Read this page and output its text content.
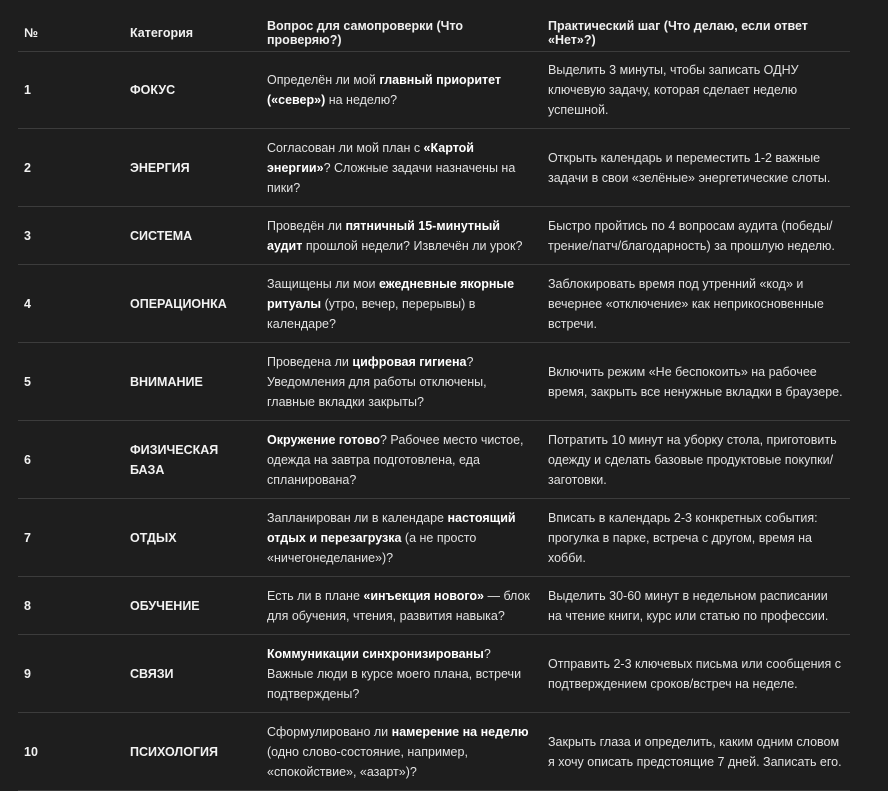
№	Категория	Вопрос для самопроверки (Что проверяю?)	Практический шаг (Что делаю, если ответ «Нет»?)
1	ФОКУС	Определён ли мой главный приоритет («север») на неделю?	Выделить 3 минуты, чтобы записать ОДНУ ключевую задачу, которая сделает неделю успешной.
2	ЭНЕРГИЯ	Согласован ли мой план с «Картой энергии»? Сложные задачи назначены на пики?	Открыть календарь и переместить 1-2 важные задачи в свои «зелёные» энергетические слоты.
3	СИСТЕМА	Проведён ли пятничный 15-минутный аудит прошлой недели? Извлечён ли урок?	Быстро пройтись по 4 вопросам аудита (победы/трение/патч/благодарность) за прошлую неделю.
4	ОПЕРАЦИОНКА	Защищены ли мои ежедневные якорные ритуалы (утро, вечер, перерывы) в календаре?	Заблокировать время под утренний «код» и вечернее «отключение» как неприкосновенные встречи.
5	ВНИМАНИЕ	Проведена ли цифровая гигиена? Уведомления для работы отключены, главные вкладки закрыты?	Включить режим «Не беспокоить» на рабочее время, закрыть все ненужные вкладки в браузере.
6	ФИЗИЧЕСКАЯ БАЗА	Окружение готово? Рабочее место чистое, одежда на завтра подготовлена, еда спланирована?	Потратить 10 минут на уборку стола, приготовить одежду и сделать базовые продуктовые покупки/заготовки.
7	ОТДЫХ	Запланирован ли в календаре настоящий отдых и перезагрузка (а не просто «ничегонеделание»)?	Вписать в календарь 2-3 конкретных события: прогулка в парке, встреча с другом, время на хобби.
8	ОБУЧЕНИЕ	Есть ли в плане «инъекция нового» — блок для обучения, чтения, развития навыка?	Выделить 30-60 минут в недельном расписании на чтение книги, курс или статью по профессии.
9	СВЯЗИ	Коммуникации синхронизированы? Важные люди в курсе моего плана, встречи подтверждены?	Отправить 2-3 ключевых письма или сообщения с подтверждением сроков/встреч на неделе.
10	ПСИХОЛОГИЯ	Сформулировано ли намерение на неделю (одно слово-состояние, например, «спокойствие», «азарт»)?	Закрыть глаза и определить, каким одним словом я хочу описать предстоящие 7 дней. Записать его.
